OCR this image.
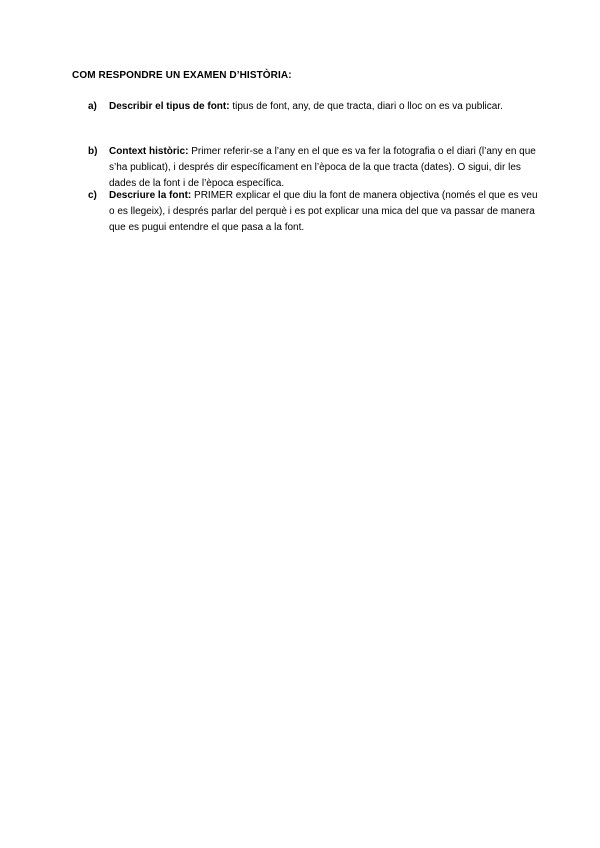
COM RESPONDRE UN EXAMEN D’HISTÒRIA:
a) Describir el tipus de font: tipus de font, any, de que tracta, diari o lloc on es va publicar.
b) Context històric: Primer referir-se a l’any en el que es va fer la fotografia o el diari (l’any en que s’ha publicat), i després dir específicament en l’època de la que tracta (dates). O sigui, dir les dades de la font i de l’època específica.
c) Descriure la font: PRIMER explicar el que diu la font de manera objectiva (només el que es veu o es llegeix), i després parlar del perquè i es pot explicar una mica del que va passar de manera que es pugui entendre el que pasa a la font.
